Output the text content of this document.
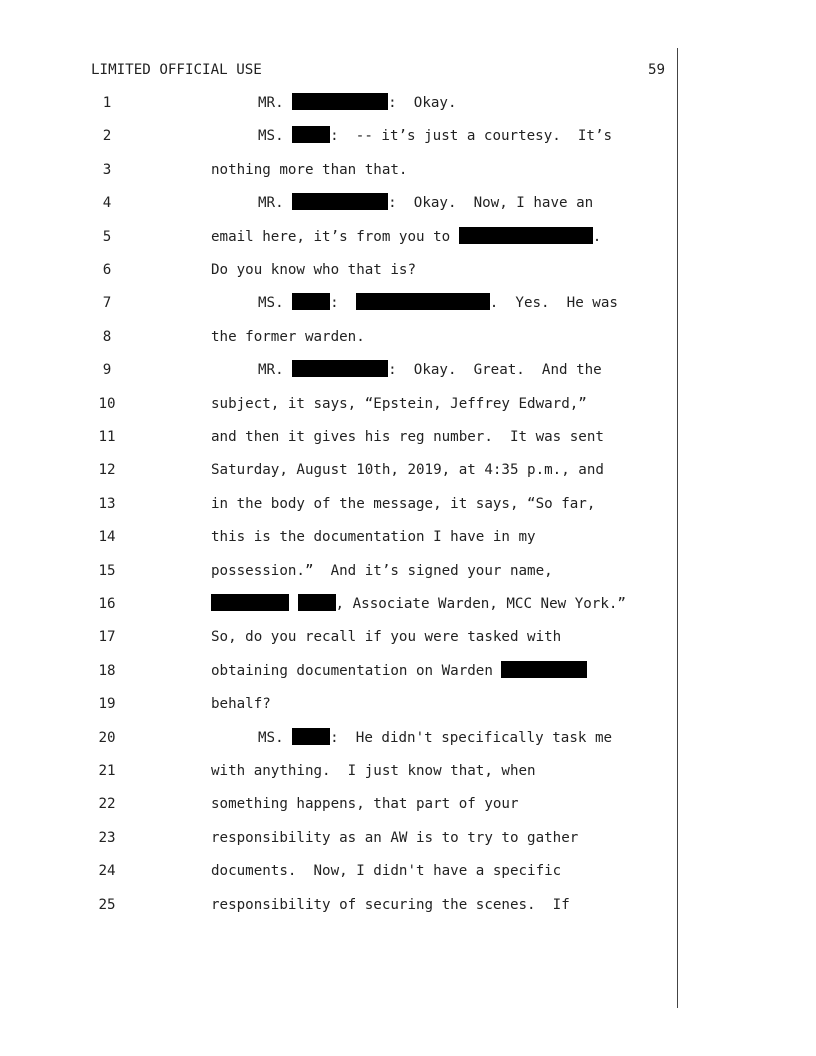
LIMITED OFFICIAL USE	59
1	MR.	:  Okay.
2	MS.	:  -- it’s just a courtesy.  It’s
3	nothing more than that.
4	MR.	:  Okay.  Now, I have an
5	email here, it’s from you to	.
6	Do you know who that is?
7	MS.	:	.  Yes.  He was
8	the former warden.
9	MR.	:  Okay.  Great.  And the
10	subject, it says, “Epstein, Jeffrey Edward,”
11	and then it gives his reg number.  It was sent
12	Saturday, August 10th, 2019, at 4:35 p.m., and
13	in the body of the message, it says, “So far,
14	this is the documentation I have in my
15	possession.”  And it’s signed your name,
16	, Associate Warden, MCC New York.”
17	So, do you recall if you were tasked with
18	obtaining documentation on Warden
19	behalf?
20	MS.	:  He didn't specifically task me
21	with anything.  I just know that, when
22	something happens, that part of your
23	responsibility as an AW is to try to gather
24	documents.  Now, I didn't have a specific
25	responsibility of securing the scenes.  If
